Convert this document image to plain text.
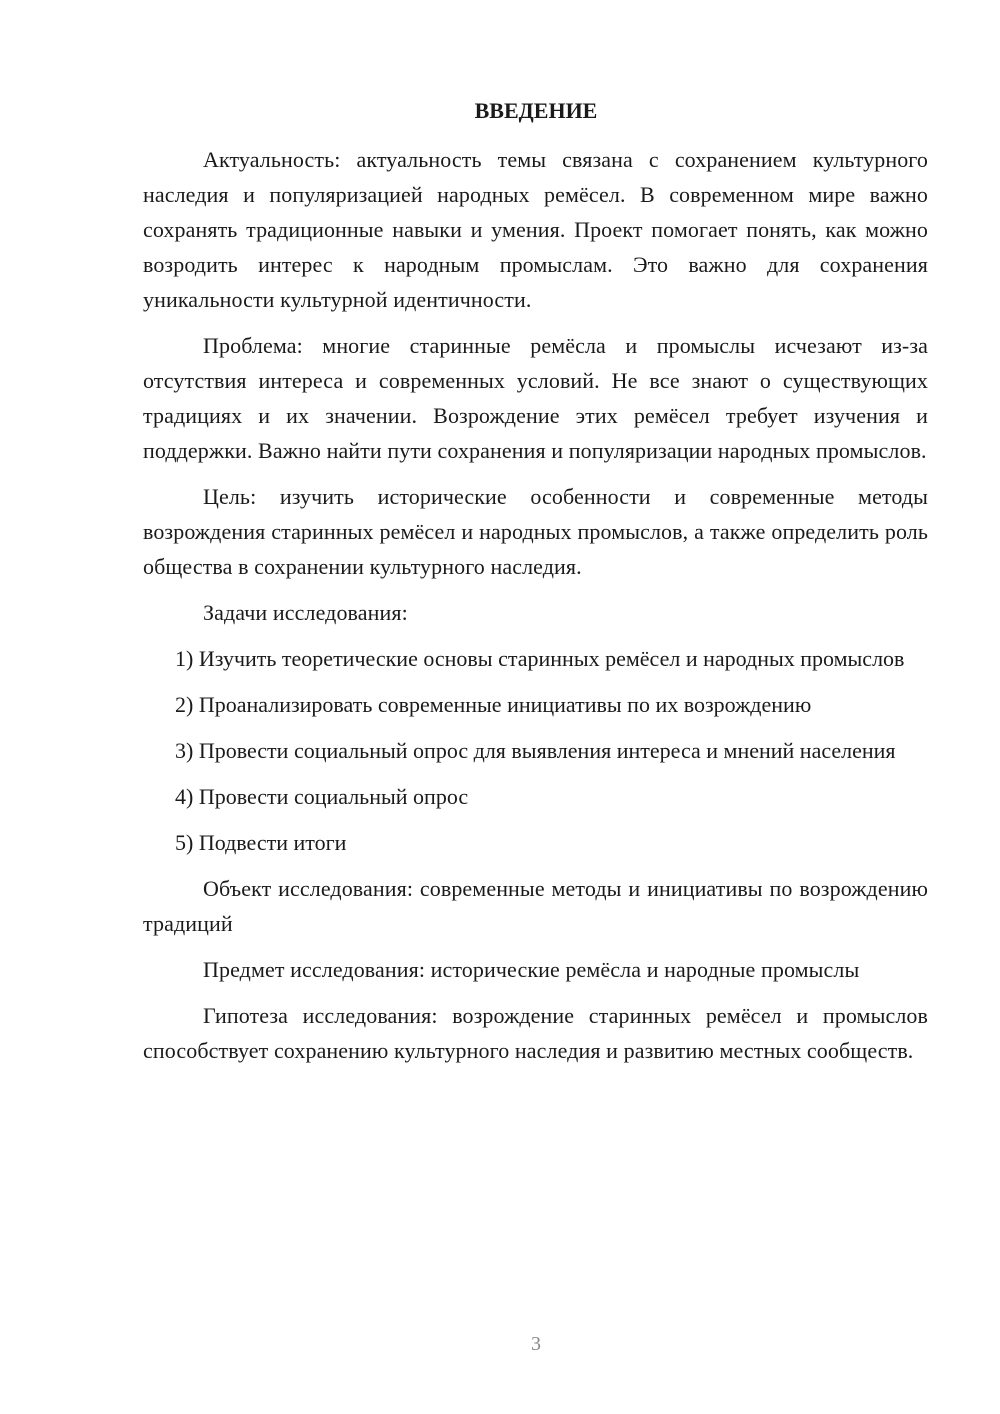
ВВЕДЕНИЕ

Актуальность: актуальность темы связана с сохранением культурного наследия и популяризацией народных ремёсел. В современном мире важно сохранять традиционные навыки и умения. Проект помогает понять, как можно возродить интерес к народным промыслам. Это важно для сохранения уникальности культурной идентичности.

Проблема: многие старинные ремёсла и промыслы исчезают из-за отсутствия интереса и современных условий. Не все знают о существующих традициях и их значении. Возрождение этих ремёсел требует изучения и поддержки. Важно найти пути сохранения и популяризации народных промыслов.

Цель: изучить исторические особенности и современные методы возрождения старинных ремёсел и народных промыслов, а также определить роль общества в сохранении культурного наследия.

Задачи исследования:

1) Изучить теоретические основы старинных ремёсел и народных промыслов

2) Проанализировать современные инициативы по их возрождению

3) Провести социальный опрос для выявления интереса и мнений населения

4) Провести социальный опрос

5) Подвести итоги

Объект исследования: современные методы и инициативы по возрождению традиций

Предмет исследования: исторические ремёсла и народные промыслы

Гипотеза исследования: возрождение старинных ремёсел и промыслов способствует сохранению культурного наследия и развитию местных сообществ.

3
